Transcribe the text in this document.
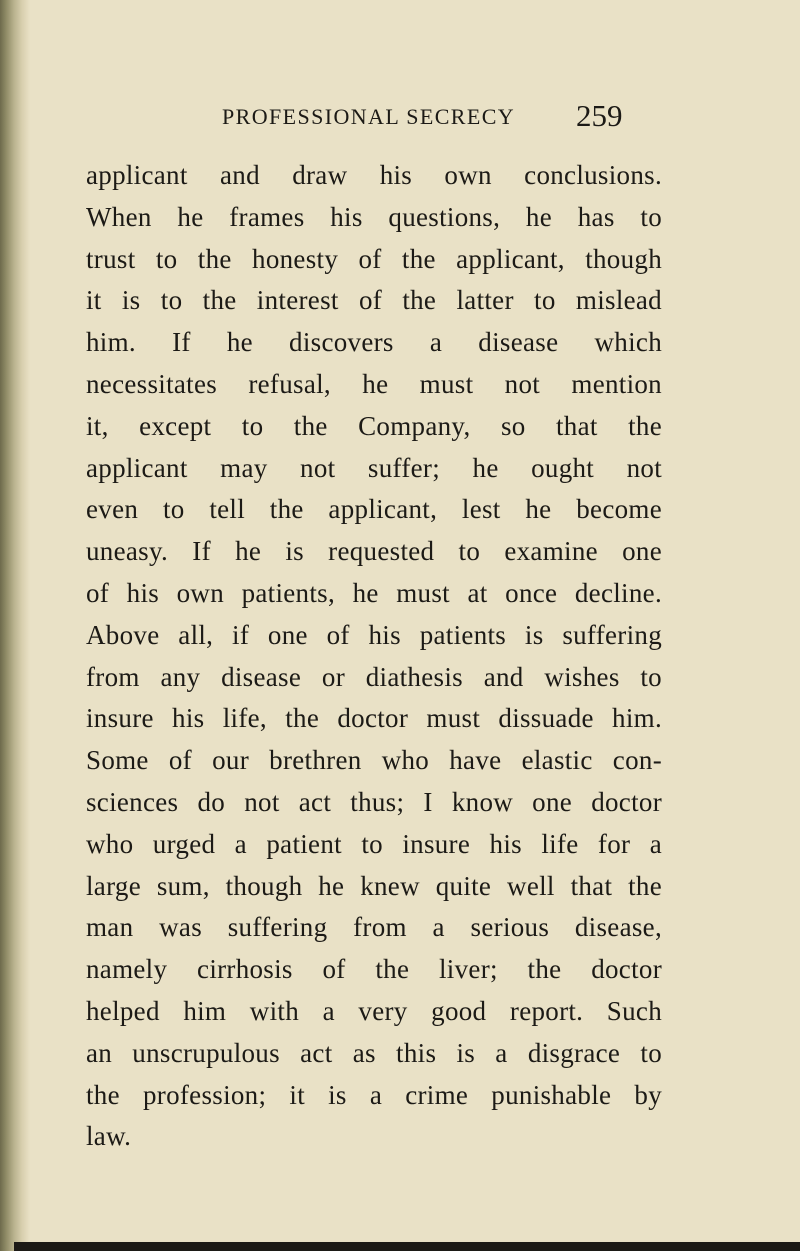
PROFESSIONAL SECRECY 259
applicant and draw his own conclusions.
When he frames his questions, he has to
trust to the honesty of the applicant, though
it is to the interest of the latter to mislead
him. If he discovers a disease which
necessitates refusal, he must not mention
it, except to the Company, so that the
applicant may not suffer; he ought not
even to tell the applicant, lest he become
uneasy. If he is requested to examine one
of his own patients, he must at once decline.
Above all, if one of his patients is suffering
from any disease or diathesis and wishes to
insure his life, the doctor must dissuade him.
Some of our brethren who have elastic con-
sciences do not act thus; I know one doctor
who urged a patient to insure his life for a
large sum, though he knew quite well that the
man was suffering from a serious disease,
namely cirrhosis of the liver; the doctor
helped him with a very good report. Such
an unscrupulous act as this is a disgrace to
the profession; it is a crime punishable by
law.
